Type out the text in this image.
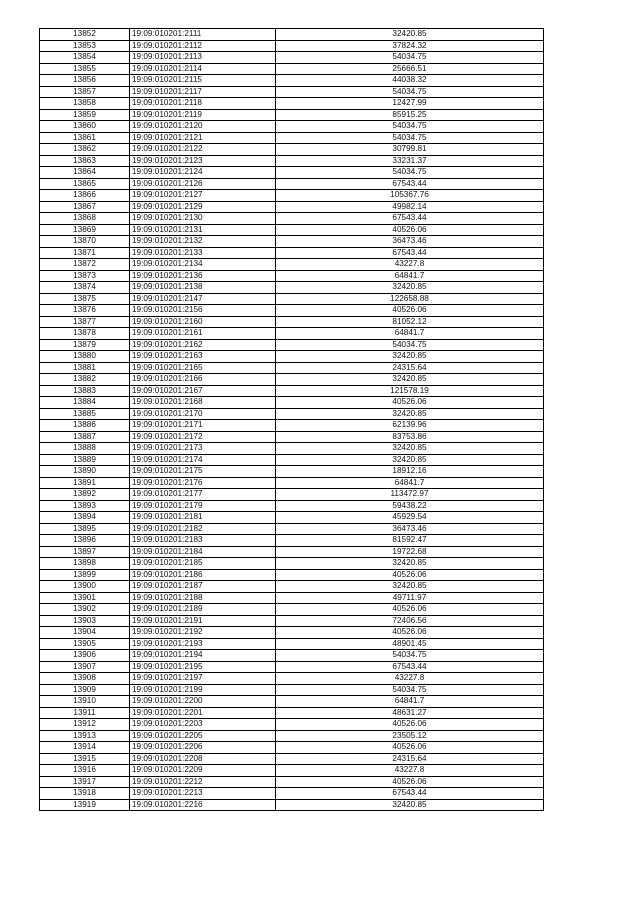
13852	19:09:010201:2111	32420.85
13853	19:09:010201:2112	37824.32
13854	19:09:010201:2113	54034.75
13855	19:09:010201:2114	25666.51
13856	19:09:010201:2115	44038.32
13857	19:09:010201:2117	54034.75
13858	19:09:010201:2118	12427.99
13859	19:09:010201:2119	85915.25
13860	19:09:010201:2120	54034.75
13861	19:09:010201:2121	54034.75
13862	19:09:010201:2122	30799.81
13863	19:09:010201:2123	33231.37
13864	19:09:010201:2124	54034.75
13865	19:09:010201:2126	67543.44
13866	19:09:010201:2127	105367.76
13867	19:09:010201:2129	49982.14
13868	19:09:010201:2130	67543.44
13869	19:09:010201:2131	40526.06
13870	19:09:010201:2132	36473.46
13871	19:09:010201:2133	67543.44
13872	19:09:010201:2134	43227.8
13873	19:09:010201:2136	64841.7
13874	19:09:010201:2138	32420.85
13875	19:09:010201:2147	122658.88
13876	19:09:010201:2156	40526.06
13877	19:09:010201:2160	81052.12
13878	19:09:010201:2161	64841.7
13879	19:09:010201:2162	54034.75
13880	19:09:010201:2163	32420.85
13881	19:09:010201:2165	24315.64
13882	19:09:010201:2166	32420.85
13883	19:09:010201:2167	121578.19
13884	19:09:010201:2168	40526.06
13885	19:09:010201:2170	32420.85
13886	19:09:010201:2171	62139.96
13887	19:09:010201:2172	83753.86
13888	19:09:010201:2173	32420.85
13889	19:09:010201:2174	32420.85
13890	19:09:010201:2175	18912.16
13891	19:09:010201:2176	64841.7
13892	19:09:010201:2177	113472.97
13893	19:09:010201:2179	59438.22
13894	19:09:010201:2181	45929.54
13895	19:09:010201:2182	36473.46
13896	19:09:010201:2183	81592.47
13897	19:09:010201:2184	19722.68
13898	19:09:010201:2185	32420.85
13899	19:09:010201:2186	40526.06
13900	19:09:010201:2187	32420.85
13901	19:09:010201:2188	49711.97
13902	19:09:010201:2189	40526.06
13903	19:09:010201:2191	72406.56
13904	19:09:010201:2192	40526.06
13905	19:09:010201:2193	48901.45
13906	19:09:010201:2194	54034.75
13907	19:09:010201:2195	67543.44
13908	19:09:010201:2197	43227.8
13909	19:09:010201:2199	54034.75
13910	19:09:010201:2200	64841.7
13911	19:09:010201:2201	48631.27
13912	19:09:010201:2203	40526.06
13913	19:09:010201:2205	23505.12
13914	19:09:010201:2206	40526.06
13915	19:09:010201:2208	24315.64
13916	19:09:010201:2209	43227.8
13917	19:09:010201:2212	40526.06
13918	19:09:010201:2213	67543.44
13919	19:09:010201:2216	32420.85
